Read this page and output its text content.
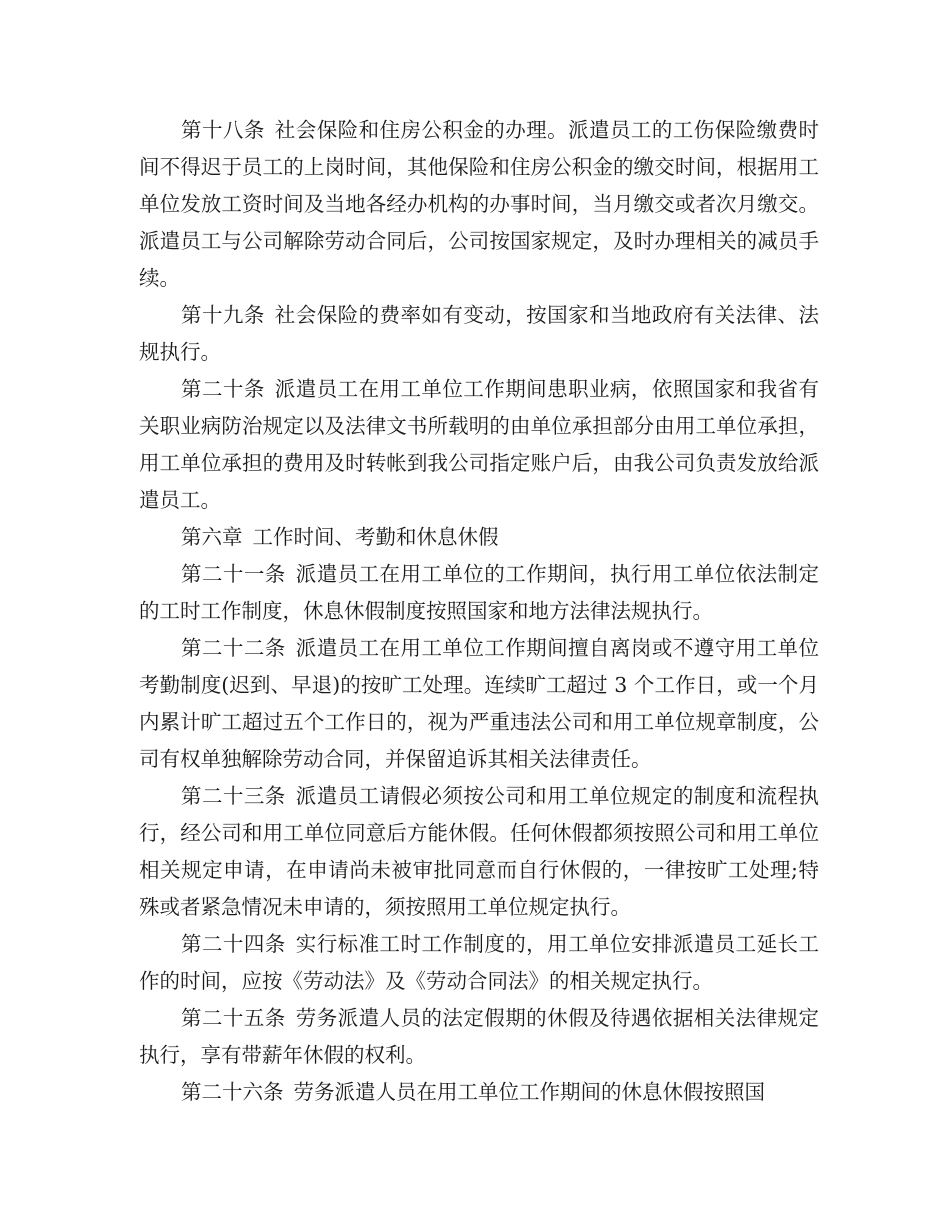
第十八条 社会保险和住房公积金的办理。派遣员工的工伤保险缴费时间不得迟于员工的上岗时间，其他保险和住房公积金的缴交时间，根据用工单位发放工资时间及当地各经办机构的办事时间，当月缴交或者次月缴交。派遣员工与公司解除劳动合同后，公司按国家规定，及时办理相关的减员手续。

第十九条 社会保险的费率如有变动，按国家和当地政府有关法律、法规执行。

第二十条 派遣员工在用工单位工作期间患职业病，依照国家和我省有关职业病防治规定以及法律文书所载明的由单位承担部分由用工单位承担，用工单位承担的费用及时转帐到我公司指定账户后，由我公司负责发放给派遣员工。

第六章 工作时间、考勤和休息休假

第二十一条 派遣员工在用工单位的工作期间，执行用工单位依法制定的工时工作制度，休息休假制度按照国家和地方法律法规执行。

第二十二条 派遣员工在用工单位工作期间擅自离岗或不遵守用工单位考勤制度(迟到、早退)的按旷工处理。连续旷工超过 3 个工作日，或一个月内累计旷工超过五个工作日的，视为严重违法公司和用工单位规章制度，公司有权单独解除劳动合同，并保留追诉其相关法律责任。

第二十三条 派遣员工请假必须按公司和用工单位规定的制度和流程执行，经公司和用工单位同意后方能休假。任何休假都须按照公司和用工单位相关规定申请，在申请尚未被审批同意而自行休假的，一律按旷工处理;特殊或者紧急情况未申请的，须按照用工单位规定执行。

第二十四条 实行标准工时工作制度的，用工单位安排派遣员工延长工作的时间，应按《劳动法》及《劳动合同法》的相关规定执行。

第二十五条 劳务派遣人员的法定假期的休假及待遇依据相关法律规定执行，享有带薪年休假的权利。

第二十六条 劳务派遣人员在用工单位工作期间的休息休假按照国
